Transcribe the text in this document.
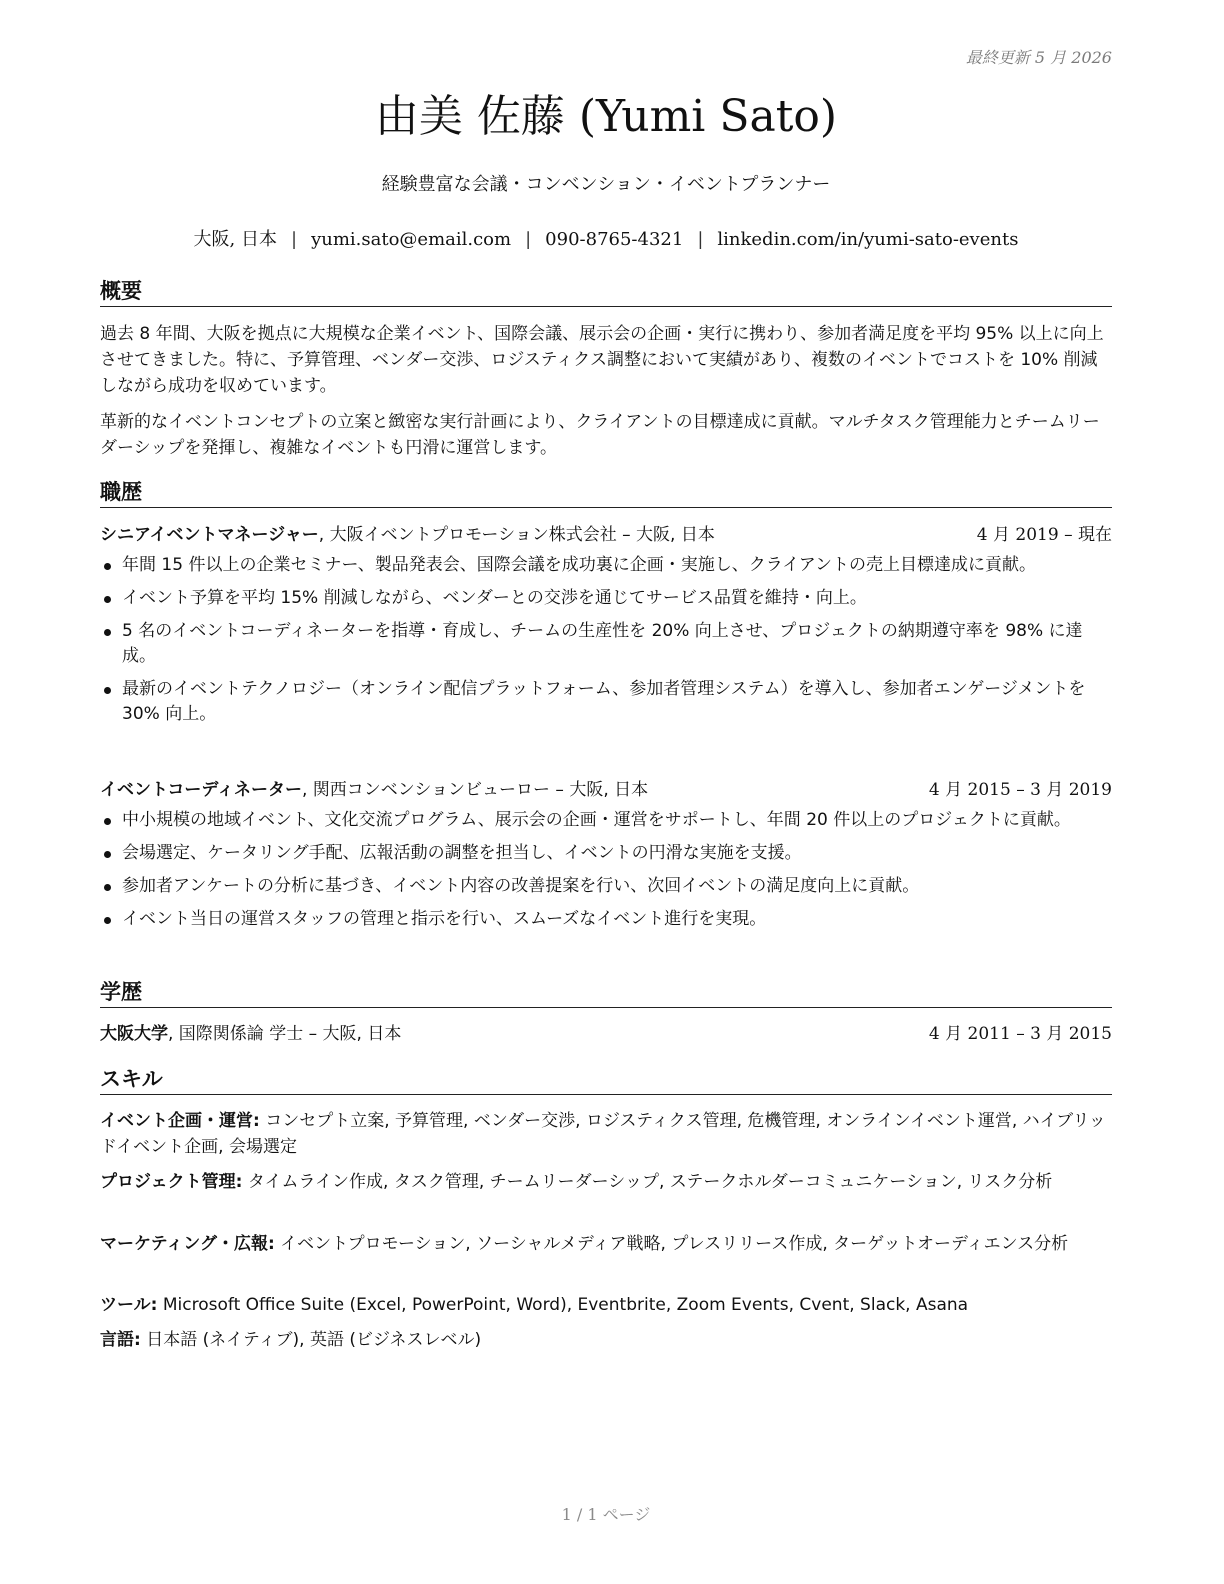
最終更新 5 月 2026
由美 佐藤 (Yumi Sato)
経験豊富な会議・コンベンション・イベントプランナー
大阪, 日本 | yumi.sato@email.com | 090-8765-4321 | linkedin.com/in/yumi-sato-events
概要

過去 8 年間、大阪を拠点に大規模な企業イベント、国際会議、展示会の企画・実行に携わり、参加者満足度を平均 95% 以上に向上させてきました。特に、予算管理、ベンダー交渉、ロジスティクス調整において実績があり、複数のイベントでコストを 10% 削減しながら成功を収めています。

革新的なイベントコンセプトの立案と緻密な実行計画により、クライアントの目標達成に貢献。マルチタスク管理能力とチームリーダーシップを発揮し、複雑なイベントも円滑に運営します。

職歴
シニアイベントマネージャー, 大阪イベントプロモーション株式会社 – 大阪, 日本	4 月 2019 – 現在
年間 15 件以上の企業セミナー、製品発表会、国際会議を成功裏に企画・実施し、クライアントの売上目標達成に貢献。
イベント予算を平均 15% 削減しながら、ベンダーとの交渉を通じてサービス品質を維持・向上。
5 名のイベントコーディネーターを指導・育成し、チームの生産性を 20% 向上させ、プロジェクトの納期遵守率を 98% に達成。
最新のイベントテクノロジー（オンライン配信プラットフォーム、参加者管理システム）を導入し、参加者エンゲージメントを 30% 向上。
イベントコーディネーター, 関西コンベンションビューロー – 大阪, 日本	4 月 2015 – 3 月 2019
中小規模の地域イベント、文化交流プログラム、展示会の企画・運営をサポートし、年間 20 件以上のプロジェクトに貢献。
会場選定、ケータリング手配、広報活動の調整を担当し、イベントの円滑な実施を支援。
参加者アンケートの分析に基づき、イベント内容の改善提案を行い、次回イベントの満足度向上に貢献。
イベント当日の運営スタッフの管理と指示を行い、スムーズなイベント進行を実現。
学歴
大阪大学, 国際関係論 学士 – 大阪, 日本	4 月 2011 – 3 月 2015
スキル
イベント企画・運営: コンセプト立案, 予算管理, ベンダー交渉, ロジスティクス管理, 危機管理, オンラインイベント運営, ハイブリッドイベント企画, 会場選定
プロジェクト管理: タイムライン作成, タスク管理, チームリーダーシップ, ステークホルダーコミュニケーション, リスク分析
マーケティング・広報: イベントプロモーション, ソーシャルメディア戦略, プレスリリース作成, ターゲットオーディエンス分析
ツール: Microsoft Office Suite (Excel, PowerPoint, Word), Eventbrite, Zoom Events, Cvent, Slack, Asana
言語: 日本語 (ネイティブ), 英語 (ビジネスレベル)
1 / 1 ページ
